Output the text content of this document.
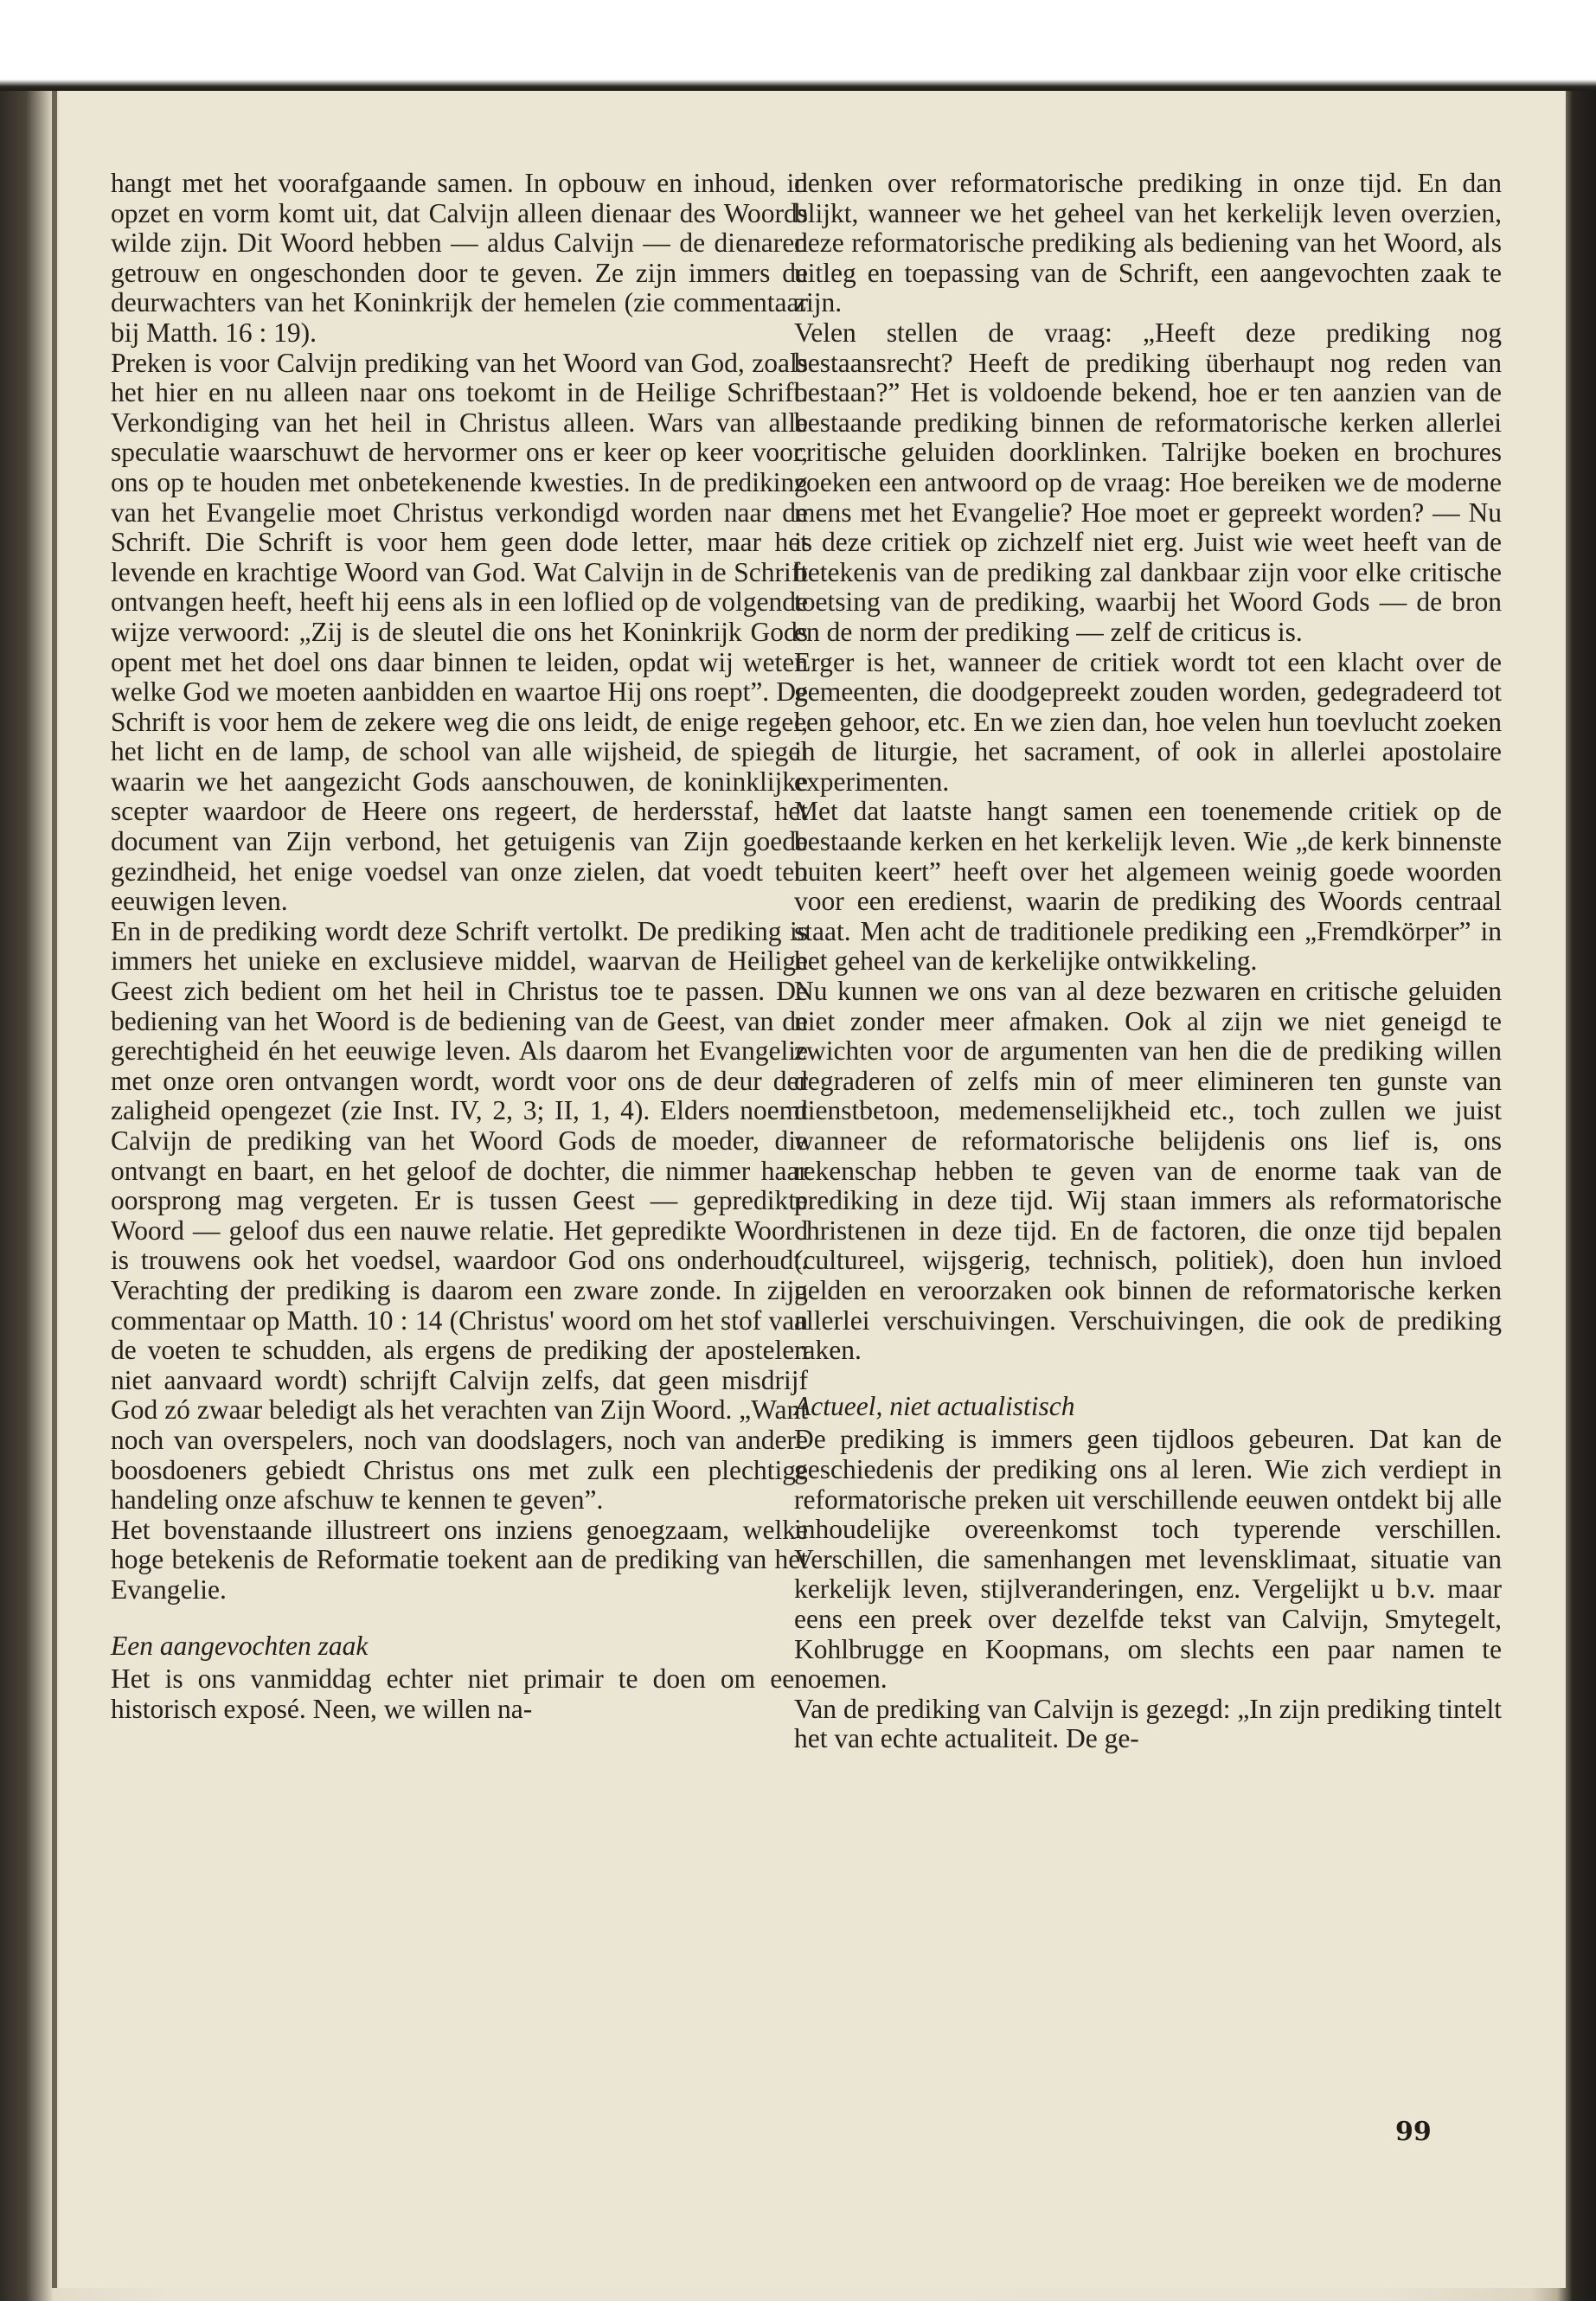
hangt met het voorafgaande samen. In opbouw en inhoud, in opzet en vorm komt uit, dat Calvijn alleen dienaar des Woords wilde zijn. Dit Woord hebben — aldus Calvijn — de dienaren getrouw en ongeschonden door te geven. Ze zijn immers de deurwachters van het Koninkrijk der hemelen (zie commentaar bij Matth. 16 : 19).

Preken is voor Calvijn prediking van het Woord van God, zoals het hier en nu alleen naar ons toekomt in de Heilige Schrift. Verkondiging van het heil in Christus alleen. Wars van alle speculatie waarschuwt de hervormer ons er keer op keer voor, ons op te houden met onbetekenende kwesties. In de prediking van het Evangelie moet Christus verkondigd worden naar de Schrift. Die Schrift is voor hem geen dode letter, maar het levende en krachtige Woord van God. Wat Calvijn in de Schrift ontvangen heeft, heeft hij eens als in een loflied op de volgende wijze verwoord: „Zij is de sleutel die ons het Koninkrijk Gods opent met het doel ons daar binnen te leiden, opdat wij weten welke God we moeten aanbidden en waartoe Hij ons roept”. De Schrift is voor hem de zekere weg die ons leidt, de enige regel, het licht en de lamp, de school van alle wijsheid, de spiegel waarin we het aangezicht Gods aanschouwen, de koninklijke scepter waardoor de Heere ons regeert, de herdersstaf, het document van Zijn verbond, het getuigenis van Zijn goede gezindheid, het enige voedsel van onze zielen, dat voedt ten eeuwigen leven.

En in de prediking wordt deze Schrift vertolkt. De prediking is immers het unieke en exclusieve middel, waarvan de Heilige Geest zich bedient om het heil in Christus toe te passen. De bediening van het Woord is de bediening van de Geest, van de gerechtigheid én het eeuwige leven. Als daarom het Evangelie met onze oren ontvangen wordt, wordt voor ons de deur der zaligheid opengezet (zie Inst. IV, 2, 3; II, 1, 4). Elders noemt Calvijn de prediking van het Woord Gods de moeder, die ontvangt en baart, en het geloof de dochter, die nimmer haar oorsprong mag vergeten. Er is tussen Geest — gepredikte Woord — geloof dus een nauwe relatie. Het gepredikte Woord is trouwens ook het voedsel, waardoor God ons onderhoudt. Verachting der prediking is daarom een zware zonde. In zijn commentaar op Matth. 10 : 14 (Christus' woord om het stof van de voeten te schudden, als ergens de prediking der apostelen niet aanvaard wordt) schrijft Calvijn zelfs, dat geen misdrijf God zó zwaar beledigt als het verachten van Zijn Woord. „Want noch van overspelers, noch van doodslagers, noch van andere boosdoeners gebiedt Christus ons met zulk een plechtige handeling onze afschuw te kennen te geven”.

Het bovenstaande illustreert ons inziens genoegzaam, welke hoge betekenis de Reformatie toekent aan de prediking van het Evangelie.

Een aangevochten zaak

Het is ons vanmiddag echter niet primair te doen om een historisch exposé. Neen, we willen na-

denken over reformatorische prediking in onze tijd. En dan blijkt, wanneer we het geheel van het kerkelijk leven overzien, deze reformatorische prediking als bediening van het Woord, als uitleg en toepassing van de Schrift, een aangevochten zaak te zijn.

Velen stellen de vraag: „Heeft deze prediking nog bestaansrecht? Heeft de prediking überhaupt nog reden van bestaan?” Het is voldoende bekend, hoe er ten aanzien van de bestaande prediking binnen de reformatorische kerken allerlei critische geluiden doorklinken. Talrijke boeken en brochures zoeken een antwoord op de vraag: Hoe bereiken we de moderne mens met het Evangelie? Hoe moet er gepreekt worden? — Nu is deze critiek op zichzelf niet erg. Juist wie weet heeft van de betekenis van de prediking zal dankbaar zijn voor elke critische toetsing van de prediking, waarbij het Woord Gods — de bron en de norm der prediking — zelf de criticus is.

Erger is het, wanneer de critiek wordt tot een klacht over de gemeenten, die doodgepreekt zouden worden, gedegradeerd tot een gehoor, etc. En we zien dan, hoe velen hun toevlucht zoeken in de liturgie, het sacrament, of ook in allerlei apostolaire experimenten.

Met dat laatste hangt samen een toenemende critiek op de bestaande kerken en het kerkelijk leven. Wie „de kerk binnenste buiten keert” heeft over het algemeen weinig goede woorden voor een eredienst, waarin de prediking des Woords centraal staat. Men acht de traditionele prediking een „Fremdkörper” in het geheel van de kerkelijke ontwikkeling.

Nu kunnen we ons van al deze bezwaren en critische geluiden niet zonder meer afmaken. Ook al zijn we niet geneigd te zwichten voor de argumenten van hen die de prediking willen degraderen of zelfs min of meer elimineren ten gunste van dienstbetoon, medemenselijkheid etc., toch zullen we juist wanneer de reformatorische belijdenis ons lief is, ons rekenschap hebben te geven van de enorme taak van de prediking in deze tijd. Wij staan immers als reformatorische christenen in deze tijd. En de factoren, die onze tijd bepalen (cultureel, wijsgerig, technisch, politiek), doen hun invloed gelden en veroorzaken ook binnen de reformatorische kerken allerlei verschuivingen. Verschuivingen, die ook de prediking raken.

Actueel, niet actualistisch

De prediking is immers geen tijdloos gebeuren. Dat kan de geschiedenis der prediking ons al leren. Wie zich verdiept in reformatorische preken uit verschillende eeuwen ontdekt bij alle inhoudelijke overeenkomst toch typerende verschillen. Verschillen, die samenhangen met levensklimaat, situatie van kerkelijk leven, stijlveranderingen, enz. Vergelijkt u b.v. maar eens een preek over dezelfde tekst van Calvijn, Smytegelt, Kohlbrugge en Koopmans, om slechts een paar namen te noemen.

Van de prediking van Calvijn is gezegd: „In zijn prediking tintelt het van echte actualiteit. De ge-

99
